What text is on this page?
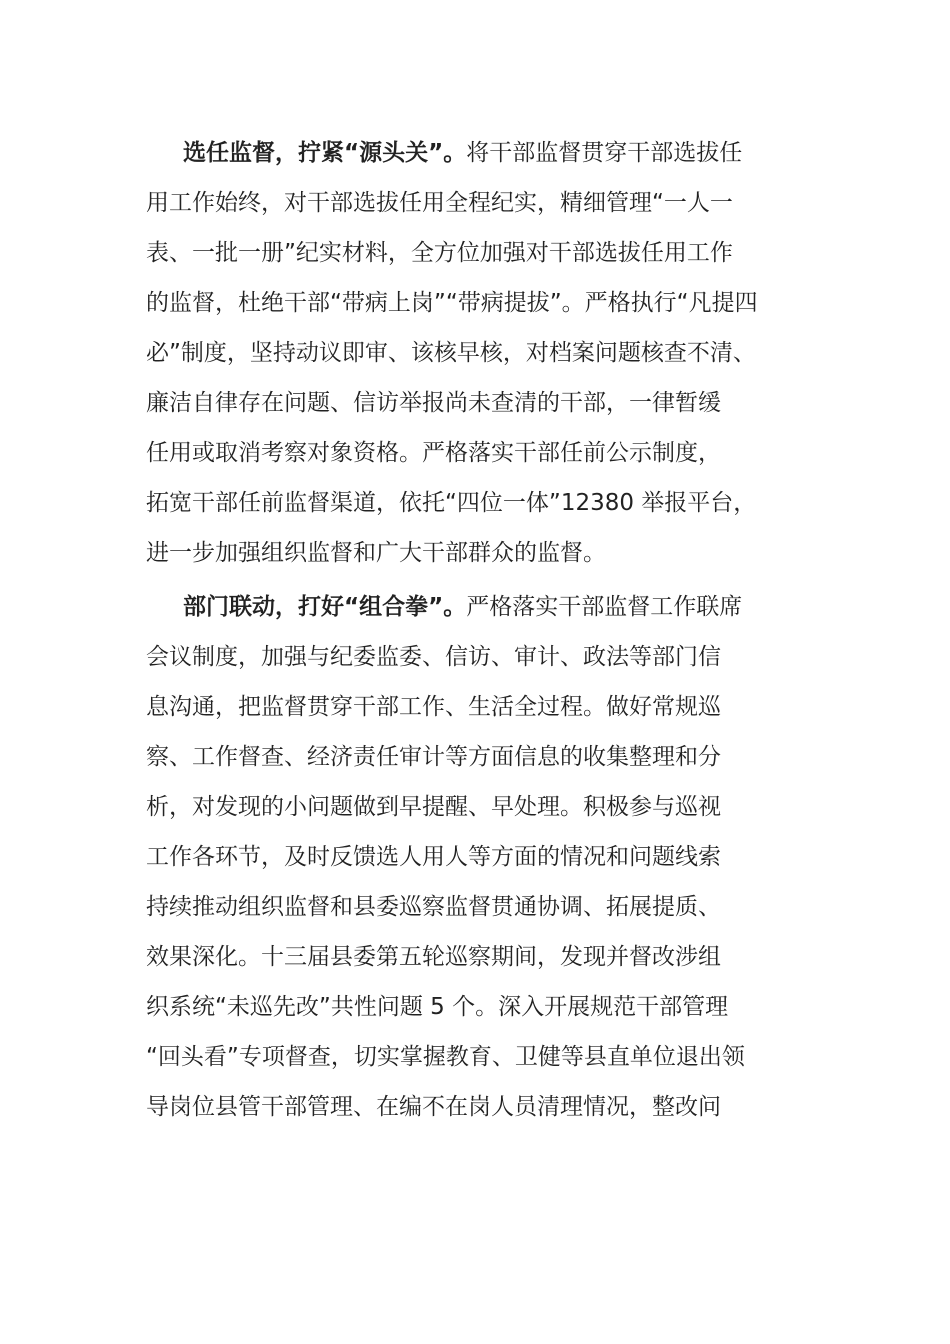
选任监督，拧紧“源头关”。将干部监督贯穿干部选拔任
用工作始终，对干部选拔任用全程纪实，精细管理“一人一
表、一批一册”纪实材料，全方位加强对干部选拔任用工作
的监督，杜绝干部“带病上岗”“带病提拔”。严格执行“凡提四
必”制度，坚持动议即审、该核早核，对档案问题核查不清、
廉洁自律存在问题、信访举报尚未查清的干部，一律暂缓
任用或取消考察对象资格。严格落实干部任前公示制度，
拓宽干部任前监督渠道，依托“四位一体”12380 举报平台，
进一步加强组织监督和广大干部群众的监督。

部门联动，打好“组合拳”。严格落实干部监督工作联席
会议制度，加强与纪委监委、信访、审计、政法等部门信
息沟通，把监督贯穿干部工作、生活全过程。做好常规巡
察、工作督查、经济责任审计等方面信息的收集整理和分
析，对发现的小问题做到早提醒、早处理。积极参与巡视
工作各环节，及时反馈选人用人等方面的情况和问题线索
持续推动组织监督和县委巡察监督贯通协调、拓展提质、
效果深化。十三届县委第五轮巡察期间，发现并督改涉组
织系统“未巡先改”共性问题 5 个。深入开展规范干部管理
“回头看”专项督查，切实掌握教育、卫健等县直单位退出领
导岗位县管干部管理、在编不在岗人员清理情况，整改问
